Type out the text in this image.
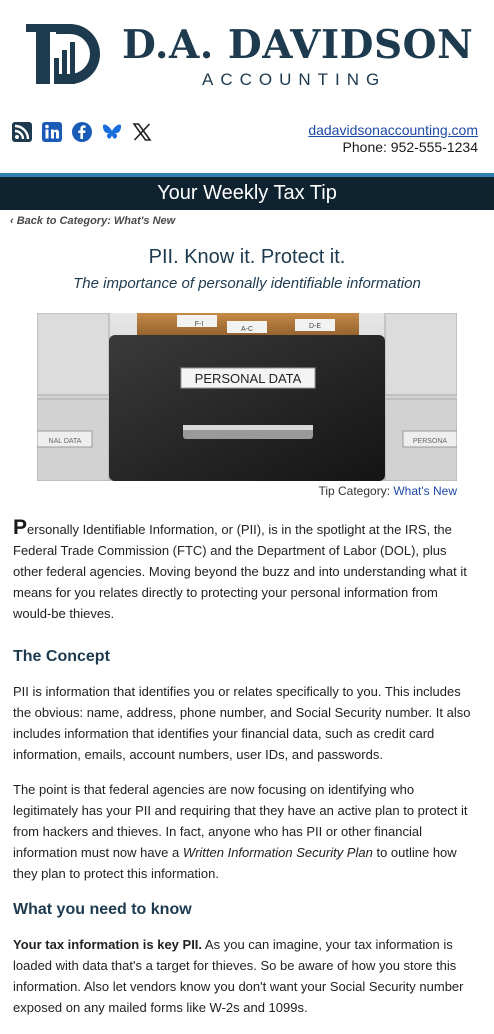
D.A. DAVIDSON
ACCOUNTING
dadavidsonaccounting.com
Phone: 952-555-1234
Your Weekly Tax Tip
‹ Back to Category: What's New
PII. Know it. Protect it.
The importance of personally identifiable information
F-I
A-C	D-E
PERSONAL DATA
NAL DATA	PERSONA
Tip Category: What's New
Personally Identifiable Information, or (PII), is in the spotlight at the IRS, the Federal Trade Commission (FTC) and the Department of Labor (DOL), plus other federal agencies. Moving beyond the buzz and into understanding what it means for you relates directly to protecting your personal information from would-be thieves.
The Concept
PII is information that identifies you or relates specifically to you. This includes the obvious: name, address, phone number, and Social Security number. It also includes information that identifies your financial data, such as credit card information, emails, account numbers, user IDs, and passwords.
The point is that federal agencies are now focusing on identifying who legitimately has your PII and requiring that they have an active plan to protect it from hackers and thieves. In fact, anyone who has PII or other financial information must now have a Written Information Security Plan to outline how they plan to protect this information.
What you need to know
Your tax information is key PII. As you can imagine, your tax information is loaded with data that's a target for thieves. So be aware of how you store this information. Also let vendors know you don't want your Social Security number exposed on any mailed forms like W-2s and 1099s.
